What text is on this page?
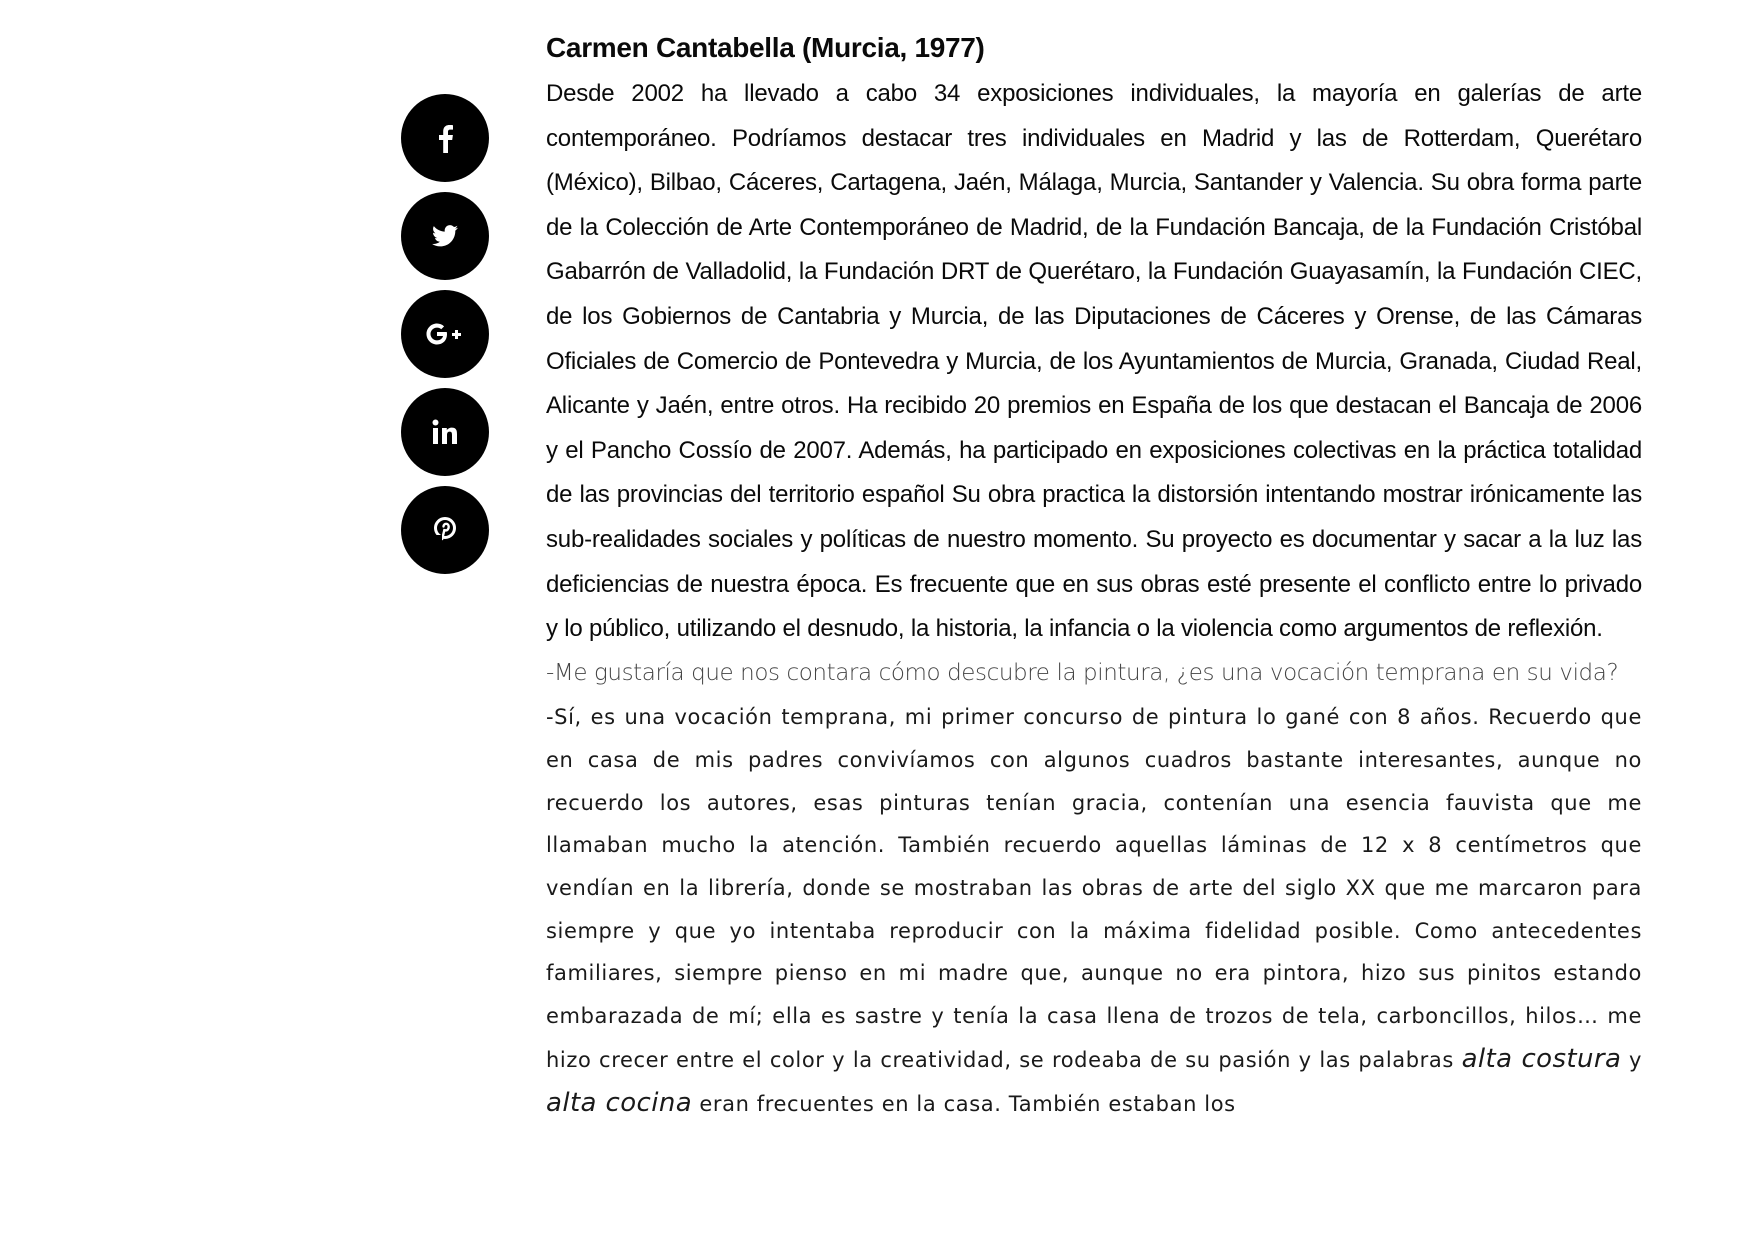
Carmen Cantabella (Murcia, 1977)

Desde 2002 ha llevado a cabo 34 exposiciones individuales, la mayoría en galerías de arte contemporáneo. Podríamos destacar tres individuales en Madrid y las de Rotterdam, Querétaro (México), Bilbao, Cáceres, Cartagena, Jaén, Málaga, Murcia, Santander y Valencia. Su obra forma parte de la Colección de Arte Contemporáneo de Madrid, de la Fundación Bancaja, de la Fundación Cristóbal Gabarrón de Valladolid, la Fundación DRT de Querétaro, la Fundación Guayasamín, la Fundación CIEC, de los Gobiernos de Cantabria y Murcia, de las Diputaciones de Cáceres y Orense, de las Cámaras Oficiales de Comercio de Pontevedra y Murcia, de los Ayuntamientos de Murcia, Granada, Ciudad Real, Alicante y Jaén, entre otros. Ha recibido 20 premios en España de los que destacan el Bancaja de 2006 y el Pancho Cossío de 2007. Además, ha participado en exposiciones colectivas en la práctica totalidad de las provincias del territorio español Su obra practica la distorsión intentando mostrar irónicamente las sub-realidades sociales y políticas de nuestro momento. Su proyecto es documentar y sacar a la luz las deficiencias de nuestra época. Es frecuente que en sus obras esté presente el conflicto entre lo privado y lo público, utilizando el desnudo, la historia, la infancia o la violencia como argumentos de reflexión.

-Me gustaría que nos contara cómo descubre la pintura, ¿es una vocación temprana en su vida?

-Sí, es una vocación temprana, mi primer concurso de pintura lo gané con 8 años. Recuerdo que en casa de mis padres convivíamos con algunos cuadros bastante interesantes, aunque no recuerdo los autores, esas pinturas tenían gracia, contenían una esencia fauvista que me llamaban mucho la atención. También recuerdo aquellas láminas de 12 x 8 centímetros que vendían en la librería, donde se mostraban las obras de arte del siglo XX que me marcaron para siempre y que yo intentaba reproducir con la máxima fidelidad posible. Como antecedentes familiares, siempre pienso en mi madre que, aunque no era pintora, hizo sus pinitos estando embarazada de mí; ella es sastre y tenía la casa llena de trozos de tela, carboncillos, hilos… me hizo crecer entre el color y la creatividad, se rodeaba de su pasión y las palabras alta costura y alta cocina eran frecuentes en la casa. También estaban los
